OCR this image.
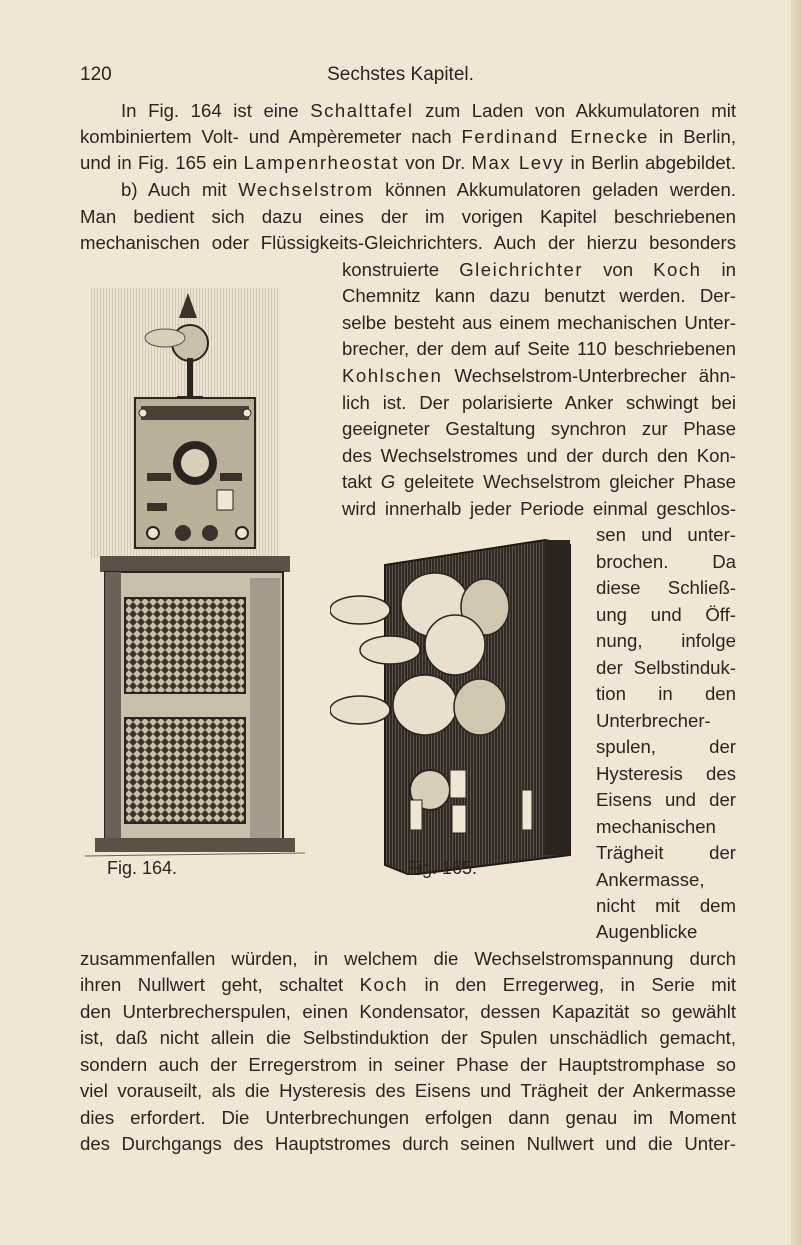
120	Sechstes Kapitel.
In Fig. 164 ist eine Schalttafel zum Laden von Akkumulatoren mit
kombiniertem Volt- und Ampèremeter nach Ferdinand Ernecke in Berlin,
und in Fig. 165 ein Lampenrheostat von Dr. Max Levy in Berlin abgebildet.
b) Auch mit Wechselstrom können Akkumulatoren geladen werden.
Man bedient sich dazu eines der im vorigen Kapitel beschriebenen
mechanischen oder Flüssigkeits-Gleichrichters. Auch der hierzu besonders
konstruierte Gleichrichter von Koch in
Chemnitz kann dazu benutzt werden. Der-
selbe besteht aus einem mechanischen Unter-
brecher, der dem auf Seite 110 beschriebenen
Kohlschen Wechselstrom-Unterbrecher ähn-
lich ist. Der polarisierte Anker schwingt bei
geeigneter Gestaltung synchron zur Phase
des Wechselstromes und der durch den Kon-
takt G geleitete Wechselstrom gleicher Phase
wird innerhalb jeder Periode einmal geschlos-
sen und unter-
brochen. Da
diese Schließ-
ung und Öff-
nung, infolge
der Selbstinduk-
tion in den
Unterbrecher-
spulen, der
Hysteresis des
Eisens und der
mechanischen
Trägheit der
Ankermasse,
nicht mit dem
Augenblicke
zusammenfallen würden, in welchem die Wechselstromspannung durch
ihren Nullwert geht, schaltet Koch in den Erregerweg, in Serie mit
den Unterbrecherspulen, einen Kondensator, dessen Kapazität so gewählt
ist, daß nicht allein die Selbstinduktion der Spulen unschädlich gemacht,
sondern auch der Erregerstrom in seiner Phase der Hauptstromphase so
viel vorauseilt, als die Hysteresis des Eisens und Trägheit der Ankermasse
dies erfordert. Die Unterbrechungen erfolgen dann genau im Moment
des Durchgangs des Hauptstromes durch seinen Nullwert und die Unter-
Fig. 164.	Fig. 165.
